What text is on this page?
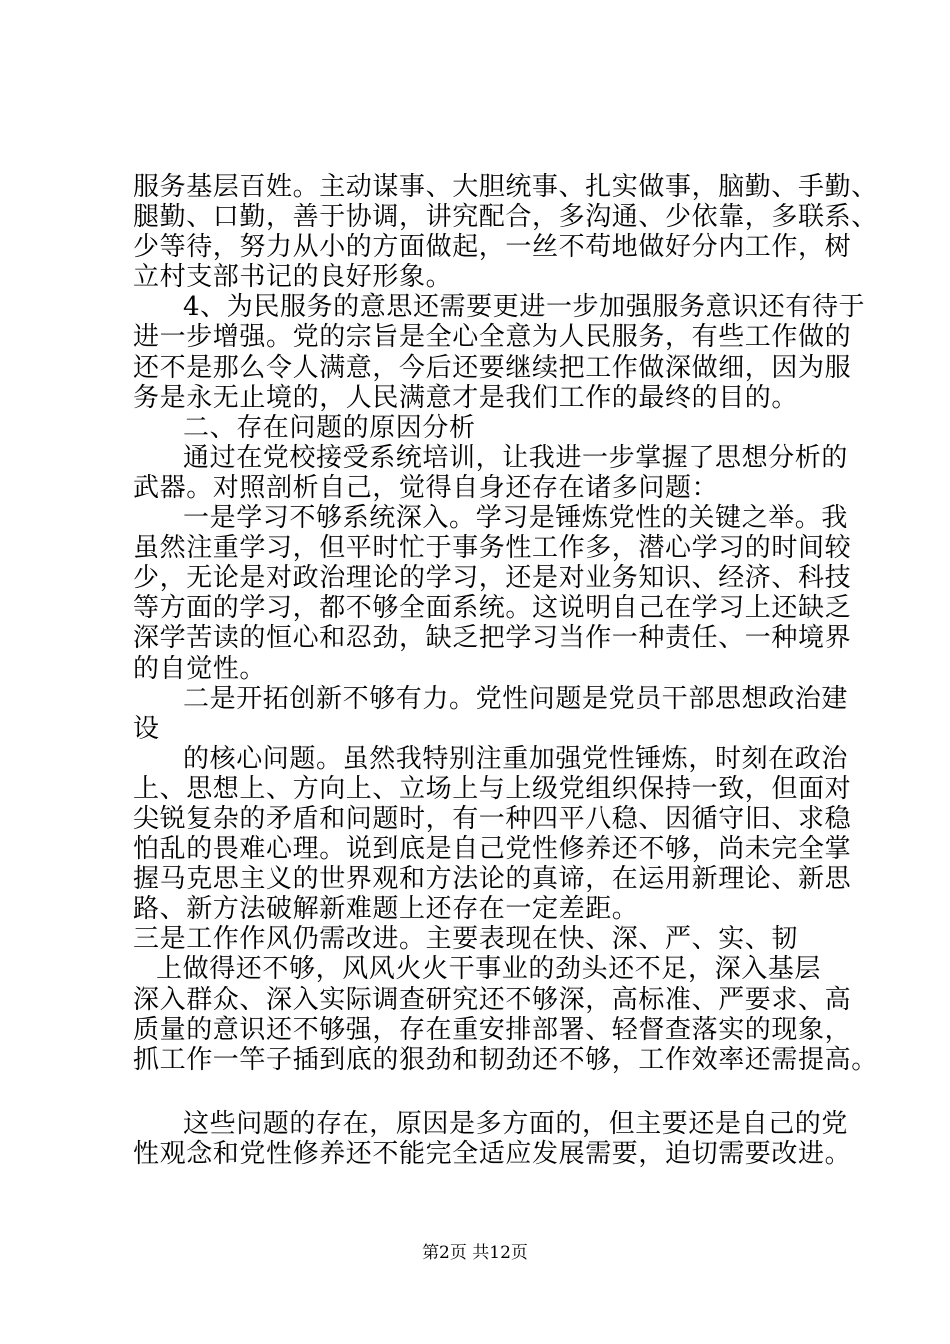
服务基层百姓。主动谋事、大胆统事、扎实做事，脑勤、手勤、
腿勤、口勤，善于协调，讲究配合，多沟通、少依靠，多联系、
少等待，努力从小的方面做起，一丝不苟地做好分内工作，树
立村支部书记的良好形象。
4、为民服务的意思还需要更进一步加强服务意识还有待于
进一步增强。党的宗旨是全心全意为人民服务，有些工作做的
还不是那么令人满意，今后还要继续把工作做深做细，因为服
务是永无止境的，人民满意才是我们工作的最终的目的。
二、存在问题的原因分析
通过在党校接受系统培训，让我进一步掌握了思想分析的
武器。对照剖析自己，觉得自身还存在诸多问题：
一是学习不够系统深入。学习是锤炼党性的关键之举。我
虽然注重学习，但平时忙于事务性工作多，潜心学习的时间较
少，无论是对政治理论的学习，还是对业务知识、经济、科技
等方面的学习，都不够全面系统。这说明自己在学习上还缺乏
深学苦读的恒心和忍劲，缺乏把学习当作一种责任、一种境界
的自觉性。
二是开拓创新不够有力。党性问题是党员干部思想政治建
设
的核心问题。虽然我特别注重加强党性锤炼，时刻在政治
上、思想上、方向上、立场上与上级党组织保持一致，但面对
尖锐复杂的矛盾和问题时，有一种四平八稳、因循守旧、求稳
怕乱的畏难心理。说到底是自己党性修养还不够，尚未完全掌
握马克思主义的世界观和方法论的真谛，在运用新理论、新思
路、新方法破解新难题上还存在一定差距。
三是工作作风仍需改进。主要表现在快、深、严、实、韧
上做得还不够，风风火火干事业的劲头还不足，深入基层
深入群众、深入实际调查研究还不够深，高标准、严要求、高
质量的意识还不够强，存在重安排部署、轻督查落实的现象，
抓工作一竿子插到底的狠劲和韧劲还不够，工作效率还需提高。
这些问题的存在，原因是多方面的，但主要还是自己的党
性观念和党性修养还不能完全适应发展需要，迫切需要改进。
第2页 共12页
